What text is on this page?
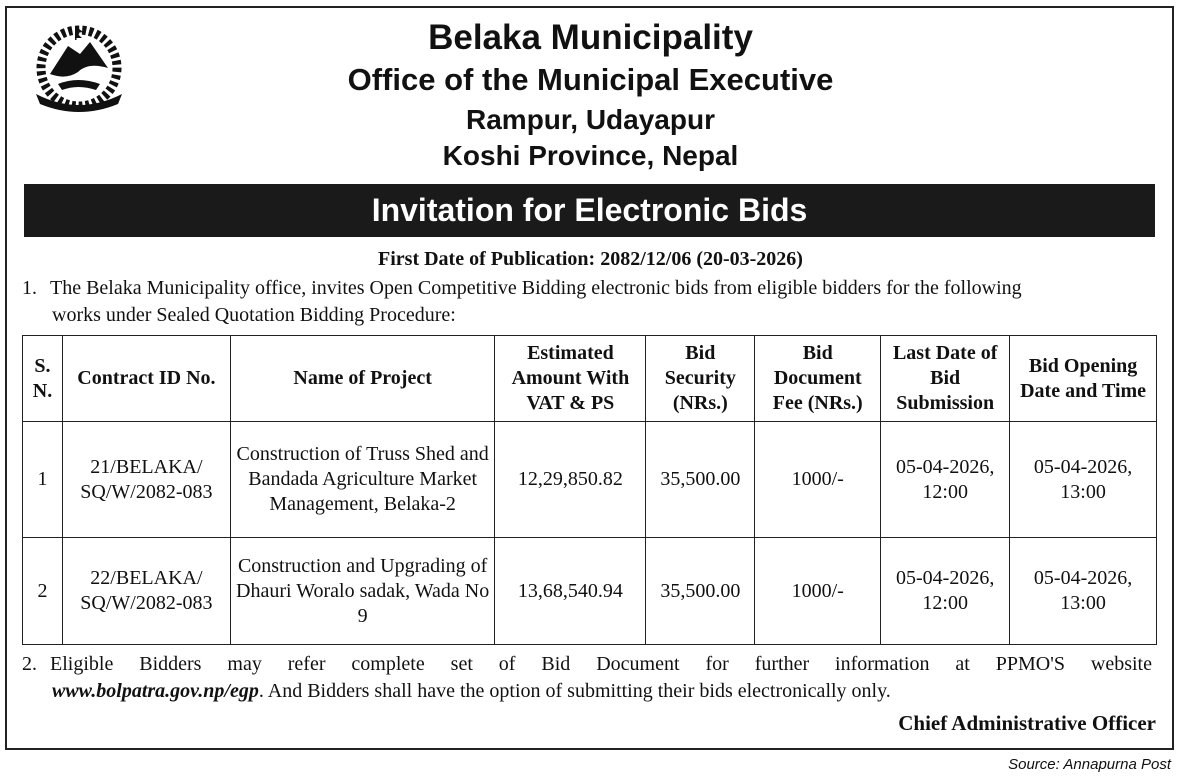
Belaka Municipality
Office of the Municipal Executive
Rampur, Udayapur
Koshi Province, Nepal
Invitation for Electronic Bids
First Date of Publication: 2082/12/06 (20-03-2026)
1. The Belaka Municipality office, invites Open Competitive Bidding electronic bids from eligible bidders for the following
works under Sealed Quotation Bidding Procedure:
S. N.	Contract ID No.	Name of Project	Estimated Amount With VAT & PS	Bid Security (NRs.)	Bid Document Fee (NRs.)	Last Date of Bid Submission	Bid Opening Date and Time
1	21/BELAKA/ SQ/W/2082-083	Construction of Truss Shed and Bandada Agriculture Market Management, Belaka-2	12,29,850.82	35,500.00	1000/-	05-04-2026, 12:00	05-04-2026, 13:00
2	22/BELAKA/ SQ/W/2082-083	Construction and Upgrading of Dhauri Woralo sadak, Wada No 9	13,68,540.94	35,500.00	1000/-	05-04-2026, 12:00	05-04-2026, 13:00
2. Eligible Bidders may refer complete set of Bid Document for further information at PPMO'S website
www.bolpatra.gov.np/egp. And Bidders shall have the option of submitting their bids electronically only.
Chief Administrative Officer
Source: Annapurna Post
